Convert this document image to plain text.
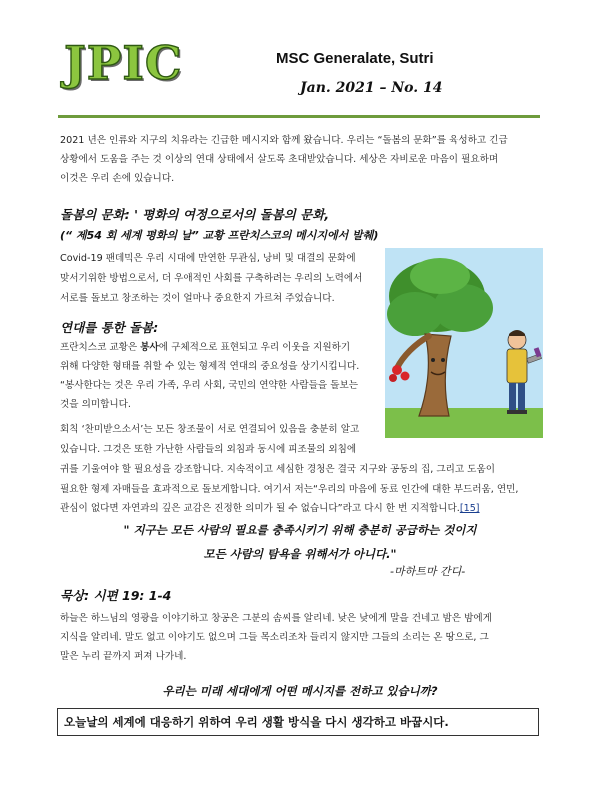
JPIC	MSC Generalate, Sutri
Jan. 2021 – No. 14
2021 년은 인류와 지구의 치유라는 긴급한 메시지와 함께 왔습니다. 우리는 “돌봄의 문화”를 육성하고 긴급
상황에서 도움을 주는 것 이상의 연대 상태에서 살도록 초대받았습니다. 세상은 자비로운 마음이 필요하며
이것은 우리 손에 있습니다.
돌봄의 문화: ' 평화의 여정으로서의 돌봄의 문화,
(“ 제54 회 세계 평화의 날” 교황 프란치스코의 메시지에서 발췌)
Covid-19 팬데믹은 우리 시대에 만연한 무관심, 낭비 및 대결의 문화에
맞서기위한 방법으로서, 더 우애적인 사회를 구축하려는 우리의 노력에서
서로를 돌보고 창조하는 것이 얼마나 중요한지 가르쳐 주었습니다.
연대를 통한 돌봄:
프란치스코 교황은 봉사에 구체적으로 표현되고 우리 이웃을 지원하기
위해 다양한 형태를 취할 수 있는 형제적 연대의 중요성을 상기시킵니다.
“봉사한다는 것은 우리 가족, 우리 사회, 국민의 연약한 사람들을 돌보는
것을 의미합니다.
회칙 ‘찬미받으소서’는 모든 창조물이 서로 연결되어 있음을 충분히 알고
있습니다. 그것은 또한 가난한 사람들의 외침과 동시에 피조물의 외침에
귀를 기울여야 할 필요성을 강조합니다. 지속적이고 세심한 경청은 결국 지구와 공동의 집, 그리고 도움이
필요한 형제 자매들을 효과적으로 돌보게합니다. 여기서 저는“우리의 마음에 동료 인간에 대한 부드러움, 연민,
관심이 없다면 자연과의 깊은 교감은 진정한 의미가 될 수 없습니다”라고 다시 한 번 지적합니다.[15]
" 지구는 모든 사람의 필요를 충족시키기 위해 충분히 공급하는 것이지
모든 사람의 탐욕을 위해서가 아니다."
-마하트마 간디-
묵상: 시편 19: 1-4
하늘은 하느님의 영광을 이야기하고 창공은 그분의 솜씨를 알리네. 낮은 낮에게 말을 건네고 밤은 밤에게
지식을 알리네. 말도 없고 이야기도 없으며 그들 목소리조차 들리지 않지만 그들의 소리는 온 땅으로, 그
말은 누리 끝까지 퍼져 나가네.
우리는 미래 세대에게 어떤 메시지를 전하고 있습니까?
오늘날의 세계에 대응하기 위하여 우리 생활 방식을 다시 생각하고 바꿉시다.
